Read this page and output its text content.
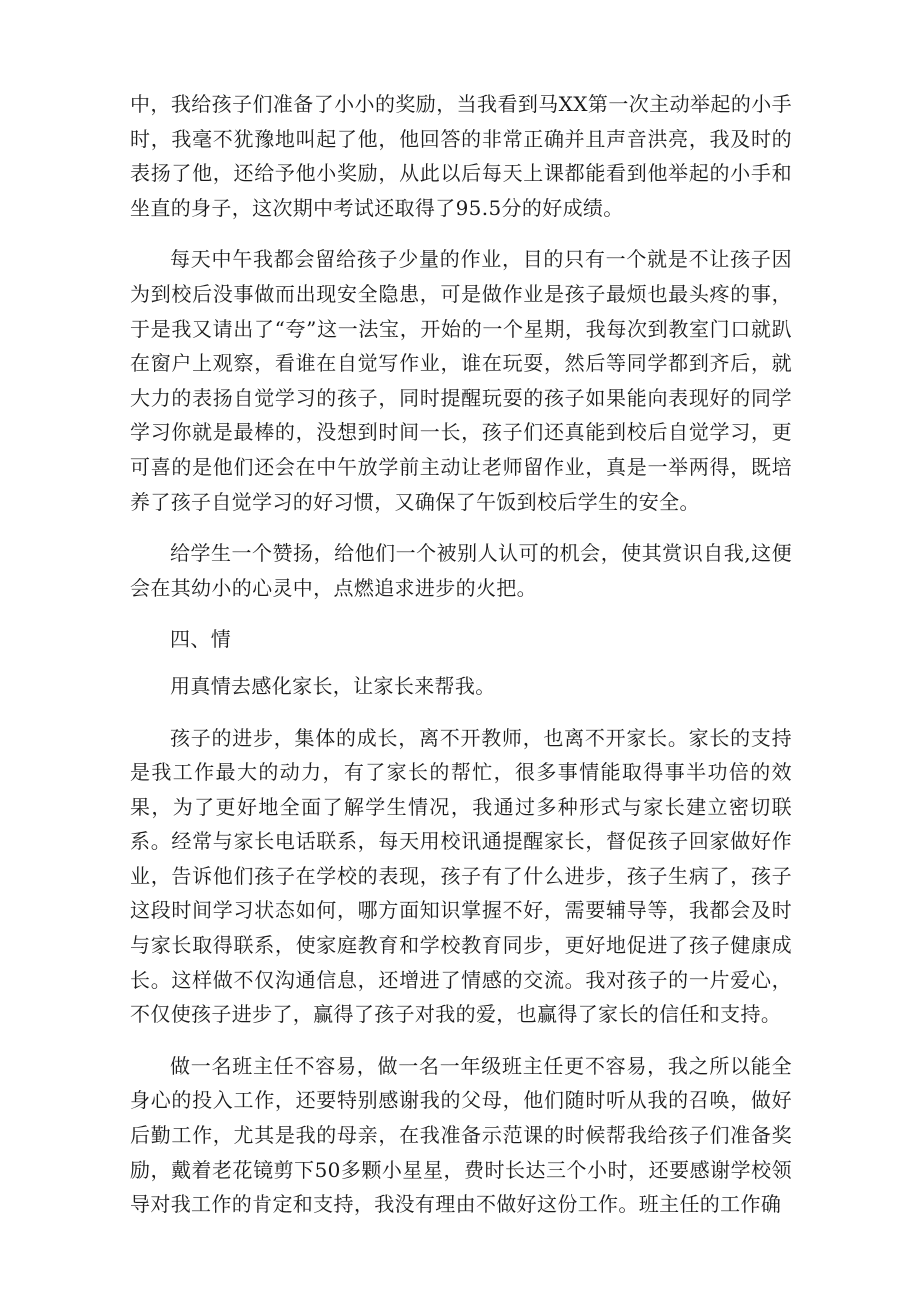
中，我给孩子们准备了小小的奖励，当我看到马XX第一次主动举起的小手时，我毫不犹豫地叫起了他，他回答的非常正确并且声音洪亮，我及时的表扬了他，还给予他小奖励，从此以后每天上课都能看到他举起的小手和坐直的身子，这次期中考试还取得了95.5分的好成绩。

每天中午我都会留给孩子少量的作业，目的只有一个就是不让孩子因为到校后没事做而出现安全隐患，可是做作业是孩子最烦也最头疼的事，于是我又请出了“夸”这一法宝，开始的一个星期，我每次到教室门口就趴在窗户上观察，看谁在自觉写作业，谁在玩耍，然后等同学都到齐后，就大力的表扬自觉学习的孩子，同时提醒玩耍的孩子如果能向表现好的同学学习你就是最棒的，没想到时间一长，孩子们还真能到校后自觉学习，更可喜的是他们还会在中午放学前主动让老师留作业，真是一举两得，既培养了孩子自觉学习的好习惯，又确保了午饭到校后学生的安全。

给学生一个赞扬，给他们一个被别人认可的机会，使其赏识自我,这便会在其幼小的心灵中，点燃追求进步的火把。

四、情

用真情去感化家长，让家长来帮我。

孩子的进步，集体的成长，离不开教师，也离不开家长。家长的支持是我工作最大的动力，有了家长的帮忙，很多事情能取得事半功倍的效果，为了更好地全面了解学生情况，我通过多种形式与家长建立密切联系。经常与家长电话联系，每天用校讯通提醒家长，督促孩子回家做好作业，告诉他们孩子在学校的表现，孩子有了什么进步，孩子生病了，孩子这段时间学习状态如何，哪方面知识掌握不好，需要辅导等，我都会及时与家长取得联系，使家庭教育和学校教育同步，更好地促进了孩子健康成长。这样做不仅沟通信息，还增进了情感的交流。我对孩子的一片爱心，不仅使孩子进步了，赢得了孩子对我的爱，也赢得了家长的信任和支持。

做一名班主任不容易，做一名一年级班主任更不容易，我之所以能全身心的投入工作，还要特别感谢我的父母，他们随时听从我的召唤，做好后勤工作，尤其是我的母亲，在我准备示范课的时候帮我给孩子们准备奖励，戴着老花镜剪下50多颗小星星，费时长达三个小时，还要感谢学校领导对我工作的肯定和支持，我没有理由不做好这份工作。班主任的工作确
